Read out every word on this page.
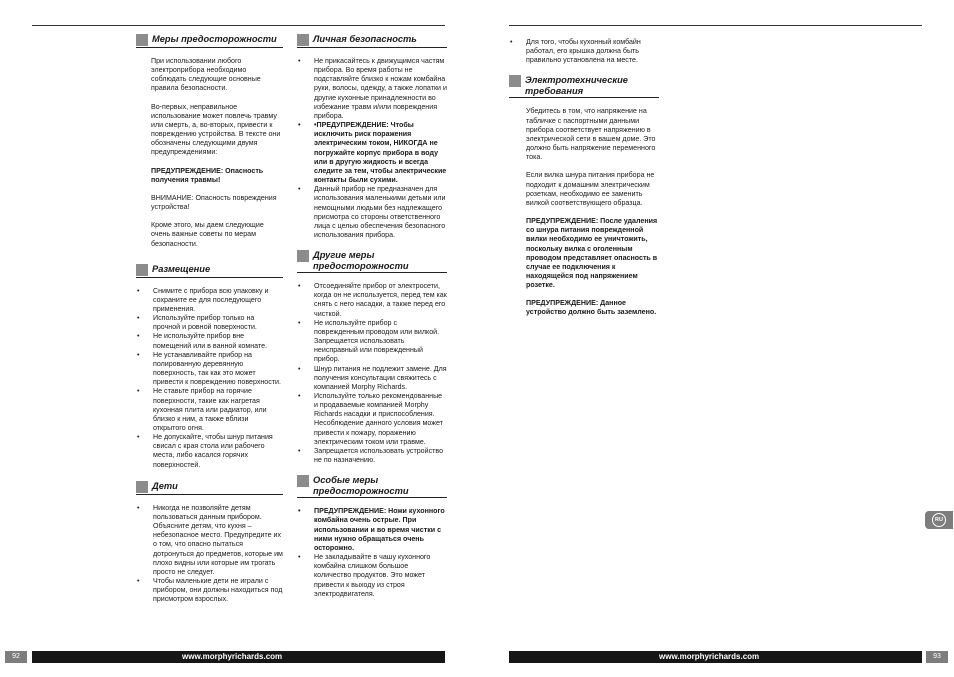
Меры предосторожности

При использовании любого электроприбора необходимо соблюдать следующие основные правила безопасности.

Во-первых, неправильное использование может повлечь травму или смерть, а, во-вторых, привести к повреждению устройства. В тексте они обозначены следующими двумя предупреждениями:

ПРЕДУПРЕЖДЕНИЕ: Опасность получения травмы!

ВНИМАНИЕ: Опасность повреждения устройства!

Кроме этого, мы даем следующие очень важные советы по мерам безопасности.

Размещение
• Снимите с прибора всю упаковку и сохраните ее для последующего применения.
• Используйте прибор только на прочной и ровной поверхности.
• Не используйте прибор вне помещений или в ванной комнате.
• Не устанавливайте прибор на полированную деревянную поверхность, так как это может привести к повреждению поверхности.
• Не ставьте прибор на горячие поверхности, такие как нагретая кухонная плита или радиатор, или близко к ним, а также вблизи открытого огня.
• Не допускайте, чтобы шнур питания свисал с края стола или рабочего места, либо касался горячих поверхностей.
Дети
• Никогда не позволяйте детям пользоваться данным прибором. Объясните детям, что кухня – небезопасное место. Предупредите их о том, что опасно пытаться дотронуться до предметов, которые им плохо видны или которые им трогать просто не следует.
• Чтобы маленькие дети не играли с прибором, они должны находиться под присмотром взрослых.
Личная безопасность
• Не прикасайтесь к движущимся частям прибора. Во время работы не подставляйте близко к ножам комбайна руки, волосы, одежду, а также лопатки и другие кухонные принадлежности во избежание травм и/или повреждения прибора.
• •ПРЕДУПРЕЖДЕНИЕ: Чтобы исключить риск поражения электрическим током, НИКОГДА не погружайте корпус прибора в воду или в другую жидкость и всегда следите за тем, чтобы электрические контакты были сухими.
• Данный прибор не предназначен для использования маленькими детьми или немощными людьми без надлежащего присмотра со стороны ответственного лица с целью обеспечения безопасного использования прибора.
Другие меры предосторожности
• Отсоединяйте прибор от электросети, когда он не используется, перед тем как снять с него насадки, а также перед его чисткой.
• Не используйте прибор с поврежденным проводом или вилкой. Запрещается использовать неисправный или поврежденный прибор.
• Шнур питания не подлежит замене. Для получения консультации свяжитесь с компанией Morphy Richards.
• Используйте только рекомендованные и продаваемые компанией Morphy Richards насадки и приспособления. Несоблюдение данного условия может привести к пожару, поражению электрическим током или травме.
• Запрещается использовать устройство не по назначению.
Особые меры предосторожности
• ПРЕДУПРЕЖДЕНИЕ: Ножи кухонного комбайна очень острые. При использовании и во время чистки с ними нужно обращаться очень осторожно.
• Не закладывайте в чашу кухонного комбайна слишком большое количество продуктов. Это может привести к выходу из строя электродвигателя.
• Для того, чтобы кухонный комбайн работал, его крышка должна быть правильно установлена на месте.
Электротехнические требования

Убедитесь в том, что напряжение на табличке с паспортными данными прибора соответствует напряжению в электрической сети в вашем доме. Это должно быть напряжение переменного тока.

Если вилка шнура питания прибора не подходит к домашним электрическим розеткам, необходимо ее заменить вилкой соответствующего образца.

ПРЕДУПРЕЖДЕНИЕ: После удаления со шнура питания поврежденной вилки необходимо ее уничтожить, поскольку вилка с оголенным проводом представляет опасность в случае ее подключения к находящейся под напряжением розетке.

ПРЕДУПРЕЖДЕНИЕ: Данное устройство должно быть заземлено.

RU
92	www.morphyrichards.com	www.morphyrichards.com	93
